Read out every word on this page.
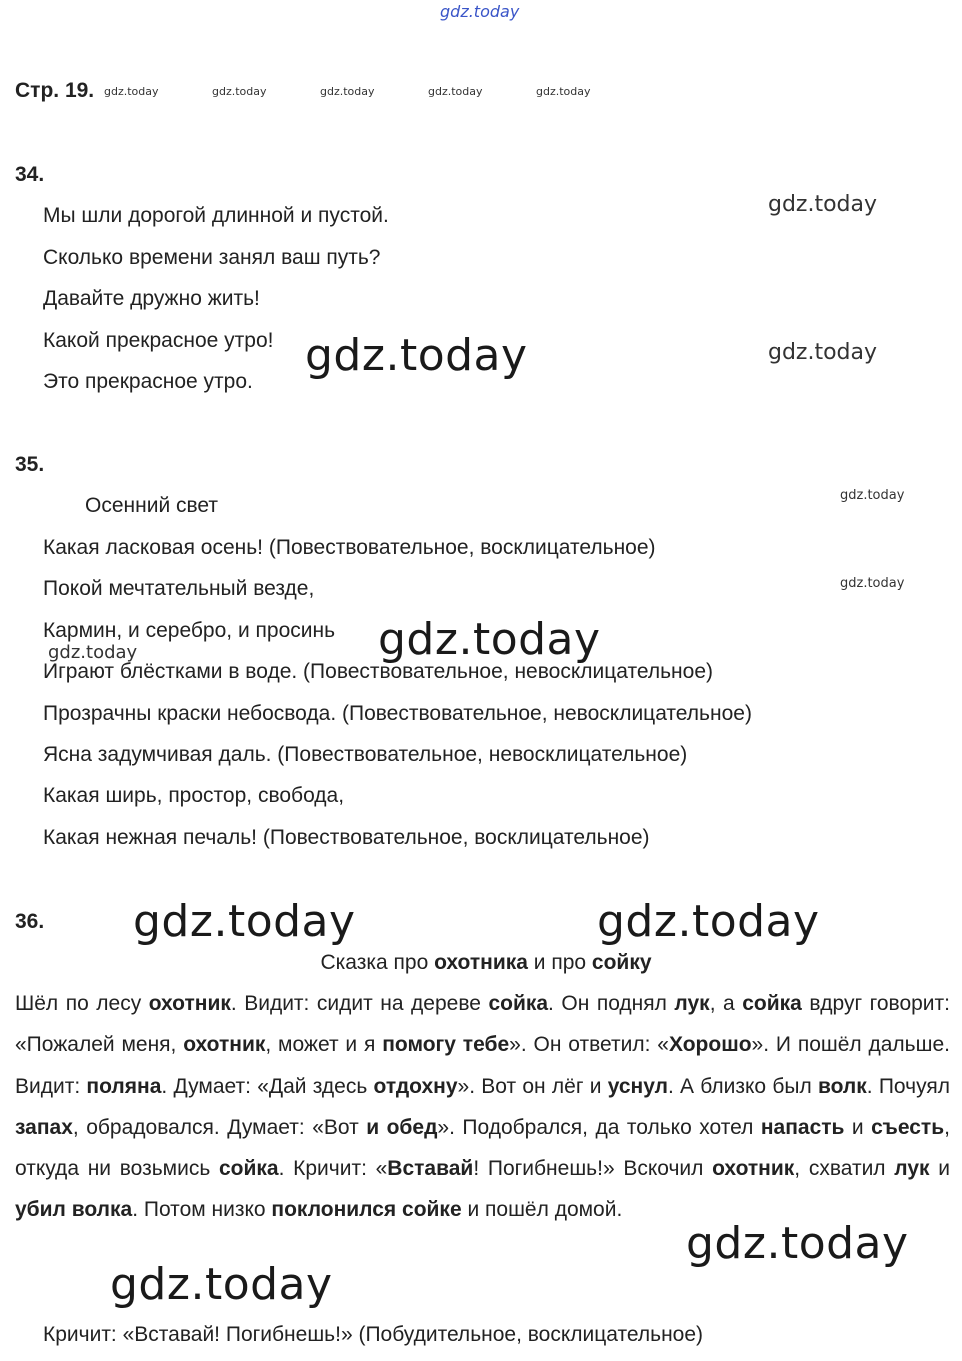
gdz.today
Стр. 19. gdz.today	gdz.today	gdz.today	gdz.today	gdz.today
34.
Мы шли дорогой длинной и пустой.
Сколько времени занял ваш путь?
Давайте дружно жить!
Какой прекрасное утро!
Это прекрасное утро.
gdz.today
gdz.today
gdz.today
35.
Осенний свет
Какая ласковая осень! (Повествовательное, восклицательное)
Покой мечтательный везде,
Кармин, и серебро, и просинь
Играют блёстками в воде. (Повествовательное, невосклицательное)
Прозрачны краски небосвода. (Повествовательное, невосклицательное)
Ясна задумчивая даль. (Повествовательное, невосклицательное)
Какая ширь, простор, свобода,
Какая нежная печаль! (Повествовательное, восклицательное)
gdz.today
gdz.today
gdz.today
gdz.today
36. gdz.today	gdz.today
Сказка про охотника и про сойку
Шёл по лесу охотник. Видит: сидит на дереве сойка. Он поднял лук, а сойка вдруг говорит: «Пожалей меня, охотник, может и я помогу тебе». Он ответил: «Хорошо». И пошёл дальше. Видит: поляна. Думает: «Дай здесь отдохну». Вот он лёг и уснул. А близко был волк. Почуял запах, обрадовался. Думает: «Вот и обед». Подобрался, да только хотел напасть и съесть, откуда ни возьмись сойка. Кричит: «Вставай! Погибнешь!» Вскочил охотник, схватил лук и убил волка. Потом низко поклонился сойке и пошёл домой.
gdz.today
gdz.today
Кричит: «Вставай! Погибнешь!» (Побудительное, восклицательное)
